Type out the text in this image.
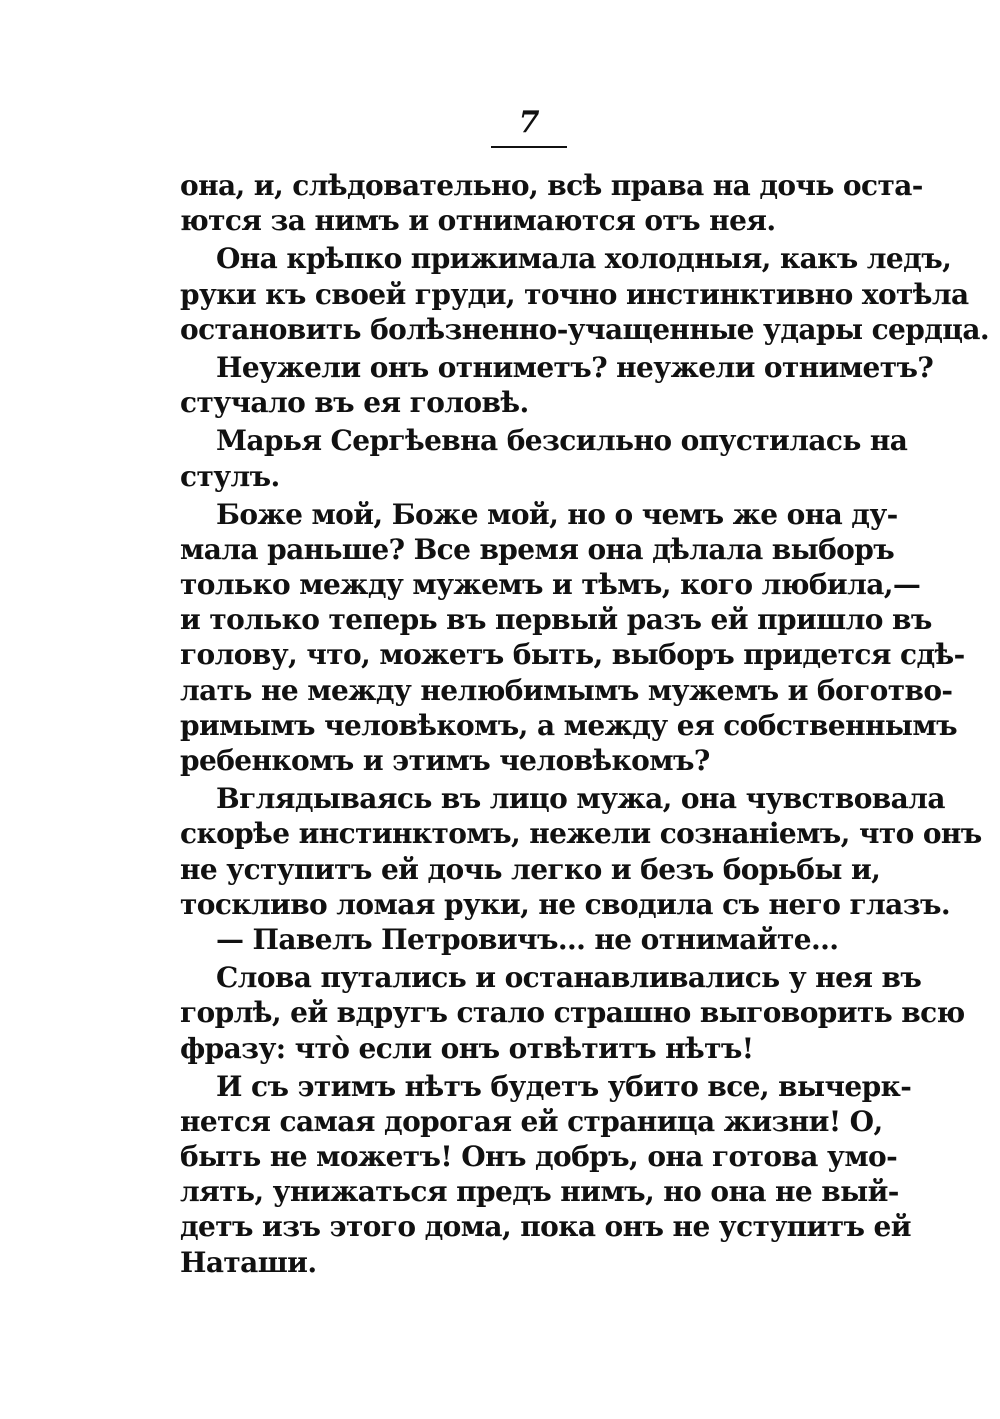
7
она, и, слѣдовательно, всѣ права на дочь оста-
ются за нимъ и отнимаются отъ нея.
Она крѣпко прижимала холодныя, какъ ледъ,
руки къ своей груди, точно инстинктивно хотѣла
остановить болѣзненно-учащенные удары сердца.
Неужели онъ отниметъ? неужели отниметъ?
стучало въ ея головѣ.
Марья Сергѣевна безсильно опустилась на
стулъ.
Боже мой, Боже мой, но о чемъ же она ду-
мала раньше? Все время она дѣлала выборъ
только между мужемъ и тѣмъ, кого любила,—
и только теперь въ первый разъ ей пришло въ
голову, что, можетъ быть, выборъ придется сдѣ-
лать не между нелюбимымъ мужемъ и боготво-
римымъ человѣкомъ, а между ея собственнымъ
ребенкомъ и этимъ человѣкомъ?
Вглядываясь въ лицо мужа, она чувствовала
скорѣе инстинктомъ, нежели сознаніемъ, что онъ
не уступитъ ей дочь легко и безъ борьбы и,
тоскливо ломая руки, не сводила съ него глазъ.
— Павелъ Петровичъ... не отнимайте...
Слова путались и останавливались у нея въ
горлѣ, ей вдругъ стало страшно выговорить всю
фразу: что̀ если онъ отвѣтитъ нѣтъ!
И съ этимъ нѣтъ будетъ убито все, вычерк-
нется самая дорогая ей страница жизни! О,
быть не можетъ! Онъ добръ, она готова умо-
лять, унижаться предъ нимъ, но она не вый-
детъ изъ этого дома, пока онъ не уступитъ ей
Наташи.
